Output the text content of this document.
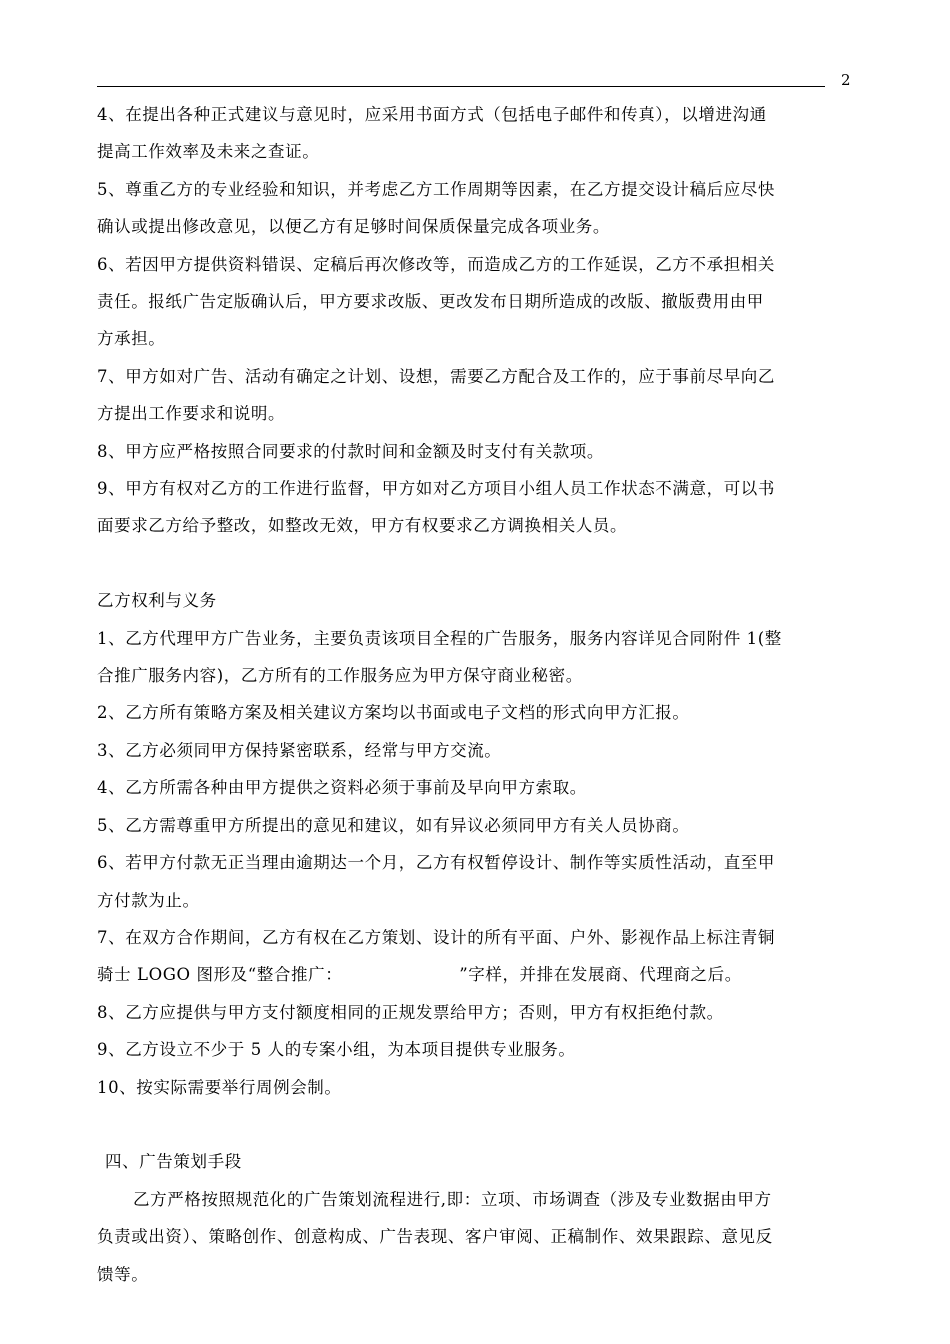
2

4、在提出各种正式建议与意见时，应采用书面方式（包括电子邮件和传真），以增进沟通

提高工作效率及未来之查证。

5、尊重乙方的专业经验和知识，并考虑乙方工作周期等因素，在乙方提交设计稿后应尽快

确认或提出修改意见，以便乙方有足够时间保质保量完成各项业务。

6、若因甲方提供资料错误、定稿后再次修改等，而造成乙方的工作延误，乙方不承担相关

责任。报纸广告定版确认后，甲方要求改版、更改发布日期所造成的改版、撤版费用由甲

方承担。

7、甲方如对广告、活动有确定之计划、设想，需要乙方配合及工作的，应于事前尽早向乙

方提出工作要求和说明。

8、甲方应严格按照合同要求的付款时间和金额及时支付有关款项。

9、甲方有权对乙方的工作进行监督，甲方如对乙方项目小组人员工作状态不满意，可以书

面要求乙方给予整改，如整改无效，甲方有权要求乙方调换相关人员。

乙方权利与义务

1、乙方代理甲方广告业务，主要负责该项目全程的广告服务，服务内容详见合同附件 1(整

合推广服务内容)，乙方所有的工作服务应为甲方保守商业秘密。

2、乙方所有策略方案及相关建议方案均以书面或电子文档的形式向甲方汇报。

3、乙方必须同甲方保持紧密联系，经常与甲方交流。

4、乙方所需各种由甲方提供之资料必须于事前及早向甲方索取。

5、乙方需尊重甲方所提出的意见和建议，如有异议必须同甲方有关人员协商。

6、若甲方付款无正当理由逾期达一个月，乙方有权暂停设计、制作等实质性活动，直至甲

方付款为止。

7、在双方合作期间，乙方有权在乙方策划、设计的所有平面、户外、影视作品上标注青铜

骑士 LOGO 图形及“整合推广：                    ”字样，并排在发展商、代理商之后。

8、乙方应提供与甲方支付额度相同的正规发票给甲方；否则，甲方有权拒绝付款。

9、乙方设立不少于 5 人的专案小组，为本项目提供专业服务。

10、按实际需要举行周例会制。

四、广告策划手段

乙方严格按照规范化的广告策划流程进行,即：立项、市场调查（涉及专业数据由甲方

负责或出资）、策略创作、创意构成、广告表现、客户审阅、正稿制作、效果跟踪、意见反

馈等。
